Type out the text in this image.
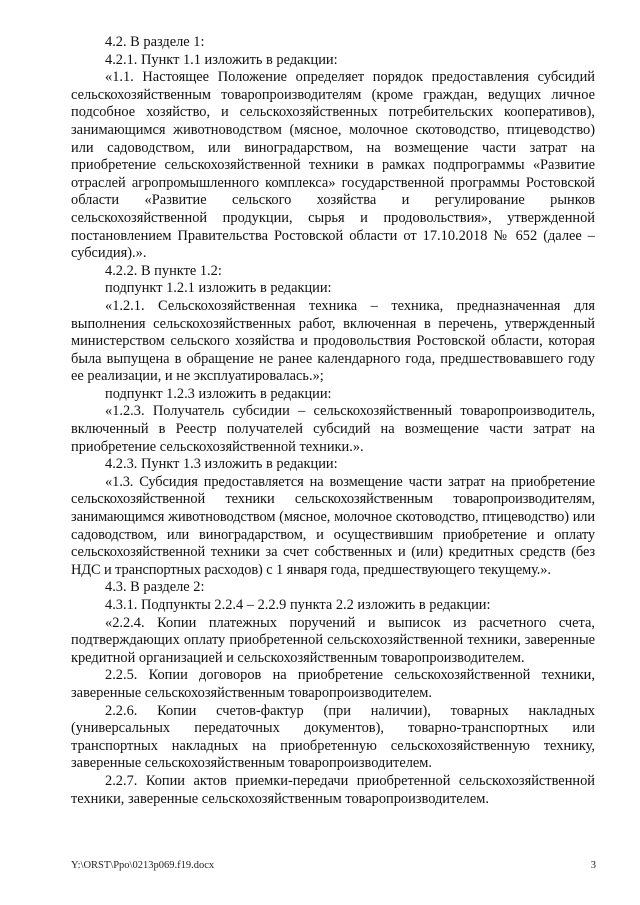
4.2. В разделе 1:

4.2.1. Пункт 1.1 изложить в редакции:

«1.1. Настоящее Положение определяет порядок предоставления субсидий сельскохозяйственным товаропроизводителям (кроме граждан, ведущих личное подсобное хозяйство, и сельскохозяйственных потребительских кооперативов), занимающимся животноводством (мясное, молочное скотоводство, птицеводство) или садоводством, или виноградарством, на возмещение части затрат на приобретение сельскохозяйственной техники в рамках подпрограммы «Развитие отраслей агропромышленного комплекса» государственной программы Ростовской области «Развитие сельского хозяйства и регулирование рынков сельскохозяйственной продукции, сырья и продовольствия», утвержденной постановлением Правительства Ростовской области от 17.10.2018 № 652 (далее – субсидия).».

4.2.2. В пункте 1.2:

подпункт 1.2.1 изложить в редакции:

«1.2.1. Сельскохозяйственная техника – техника, предназначенная для выполнения сельскохозяйственных работ, включенная в перечень, утвержденный министерством сельского хозяйства и продовольствия Ростовской области, которая была выпущена в обращение не ранее календарного года, предшествовавшего году ее реализации, и не эксплуатировалась.»;

подпункт 1.2.3 изложить в редакции:

«1.2.3. Получатель субсидии – сельскохозяйственный товаропроизводитель, включенный в Реестр получателей субсидий на возмещение части затрат на приобретение сельскохозяйственной техники.».

4.2.3. Пункт 1.3 изложить в редакции:

«1.3. Субсидия предоставляется на возмещение части затрат на приобретение сельскохозяйственной техники сельскохозяйственным товаропроизводителям, занимающимся животноводством (мясное, молочное скотоводство, птицеводство) или садоводством, или виноградарством, и осуществившим приобретение и оплату сельскохозяйственной техники за счет собственных и (или) кредитных средств (без НДС и транспортных расходов) с 1 января года, предшествующего текущему.».

4.3. В разделе 2:

4.3.1. Подпункты 2.2.4 – 2.2.9 пункта 2.2 изложить в редакции:

«2.2.4. Копии платежных поручений и выписок из расчетного счета, подтверждающих оплату приобретенной сельскохозяйственной техники, заверенные кредитной организацией и сельскохозяйственным товаропроизводителем.

2.2.5. Копии договоров на приобретение сельскохозяйственной техники, заверенные сельскохозяйственным товаропроизводителем.

2.2.6. Копии счетов-фактур (при наличии), товарных накладных (универсальных передаточных документов), товарно-транспортных или транспортных накладных на приобретенную сельскохозяйственную технику, заверенные сельскохозяйственным товаропроизводителем.

2.2.7. Копии актов приемки-передачи приобретенной сельскохозяйственной техники, заверенные сельскохозяйственным товаропроизводителем.

Y:\ORST\Ppo\0213p069.f19.docx	3
